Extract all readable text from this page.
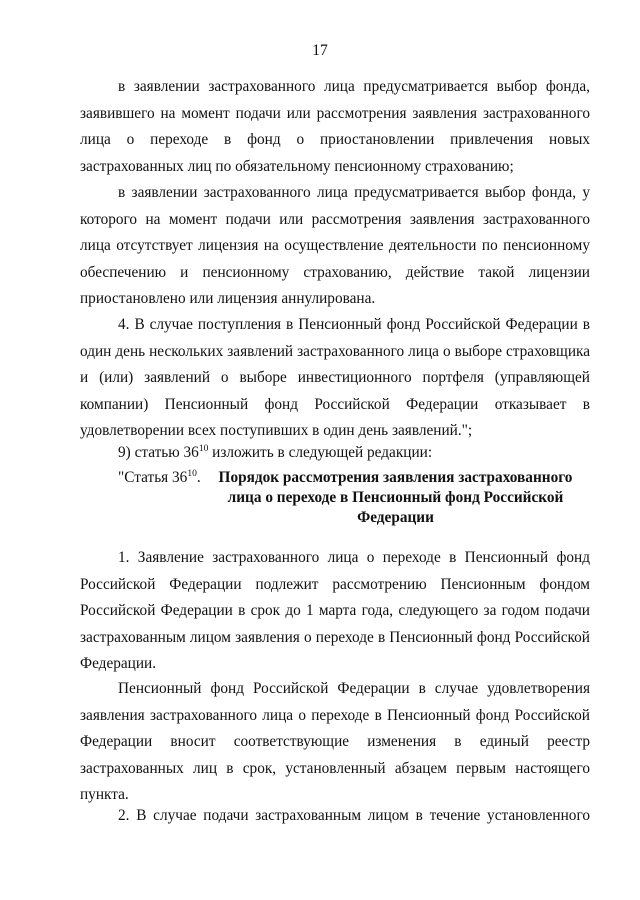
17

в заявлении застрахованного лица предусматривается выбор фонда, заявившего на момент подачи или рассмотрения заявления застрахованного лица о переходе в фонд о приостановлении привлечения новых застрахованных лиц по обязательному пенсионному страхованию;

в заявлении застрахованного лица предусматривается выбор фонда, у которого на момент подачи или рассмотрения заявления застрахованного лица отсутствует лицензия на осуществление деятельности по пенсионному обеспечению и пенсионному страхованию, действие такой лицензии приостановлено или лицензия аннулирована.

4. В случае поступления в Пенсионный фонд Российской Федерации в один день нескольких заявлений застрахованного лица о выборе страховщика и (или) заявлений о выборе инвестиционного портфеля (управляющей компании) Пенсионный фонд Российской Федерации отказывает в удовлетворении всех поступивших в один день заявлений.";

9) статью $36^{10}$ изложить в следующей редакции:
"Статья $36^{10}$.	Порядок рассмотрения заявления застрахованного лица о переходе в Пенсионный фонд Российской Федерации

1. Заявление застрахованного лица о переходе в Пенсионный фонд Российской Федерации подлежит рассмотрению Пенсионным фондом Российской Федерации в срок до 1 марта года, следующего за годом подачи застрахованным лицом заявления о переходе в Пенсионный фонд Российской Федерации.

Пенсионный фонд Российской Федерации в случае удовлетворения заявления застрахованного лица о переходе в Пенсионный фонд Российской Федерации вносит соответствующие изменения в единый реестр застрахованных лиц в срок, установленный абзацем первым настоящего пункта.

2. В случае подачи застрахованным лицом в течение установленного
